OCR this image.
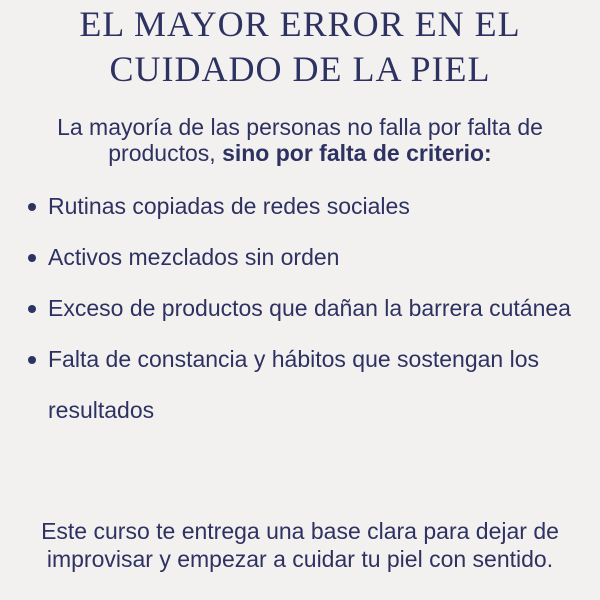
EL MAYOR ERROR EN EL
CUIDADO DE LA PIEL

La mayoría de las personas no falla por falta de productos, sino por falta de criterio:

Rutinas copiadas de redes sociales
Activos mezclados sin orden
Exceso de productos que dañan la barrera cutánea
Falta de constancia y hábitos que sostengan los resultados

Este curso te entrega una base clara para dejar de improvisar y empezar a cuidar tu piel con sentido.
